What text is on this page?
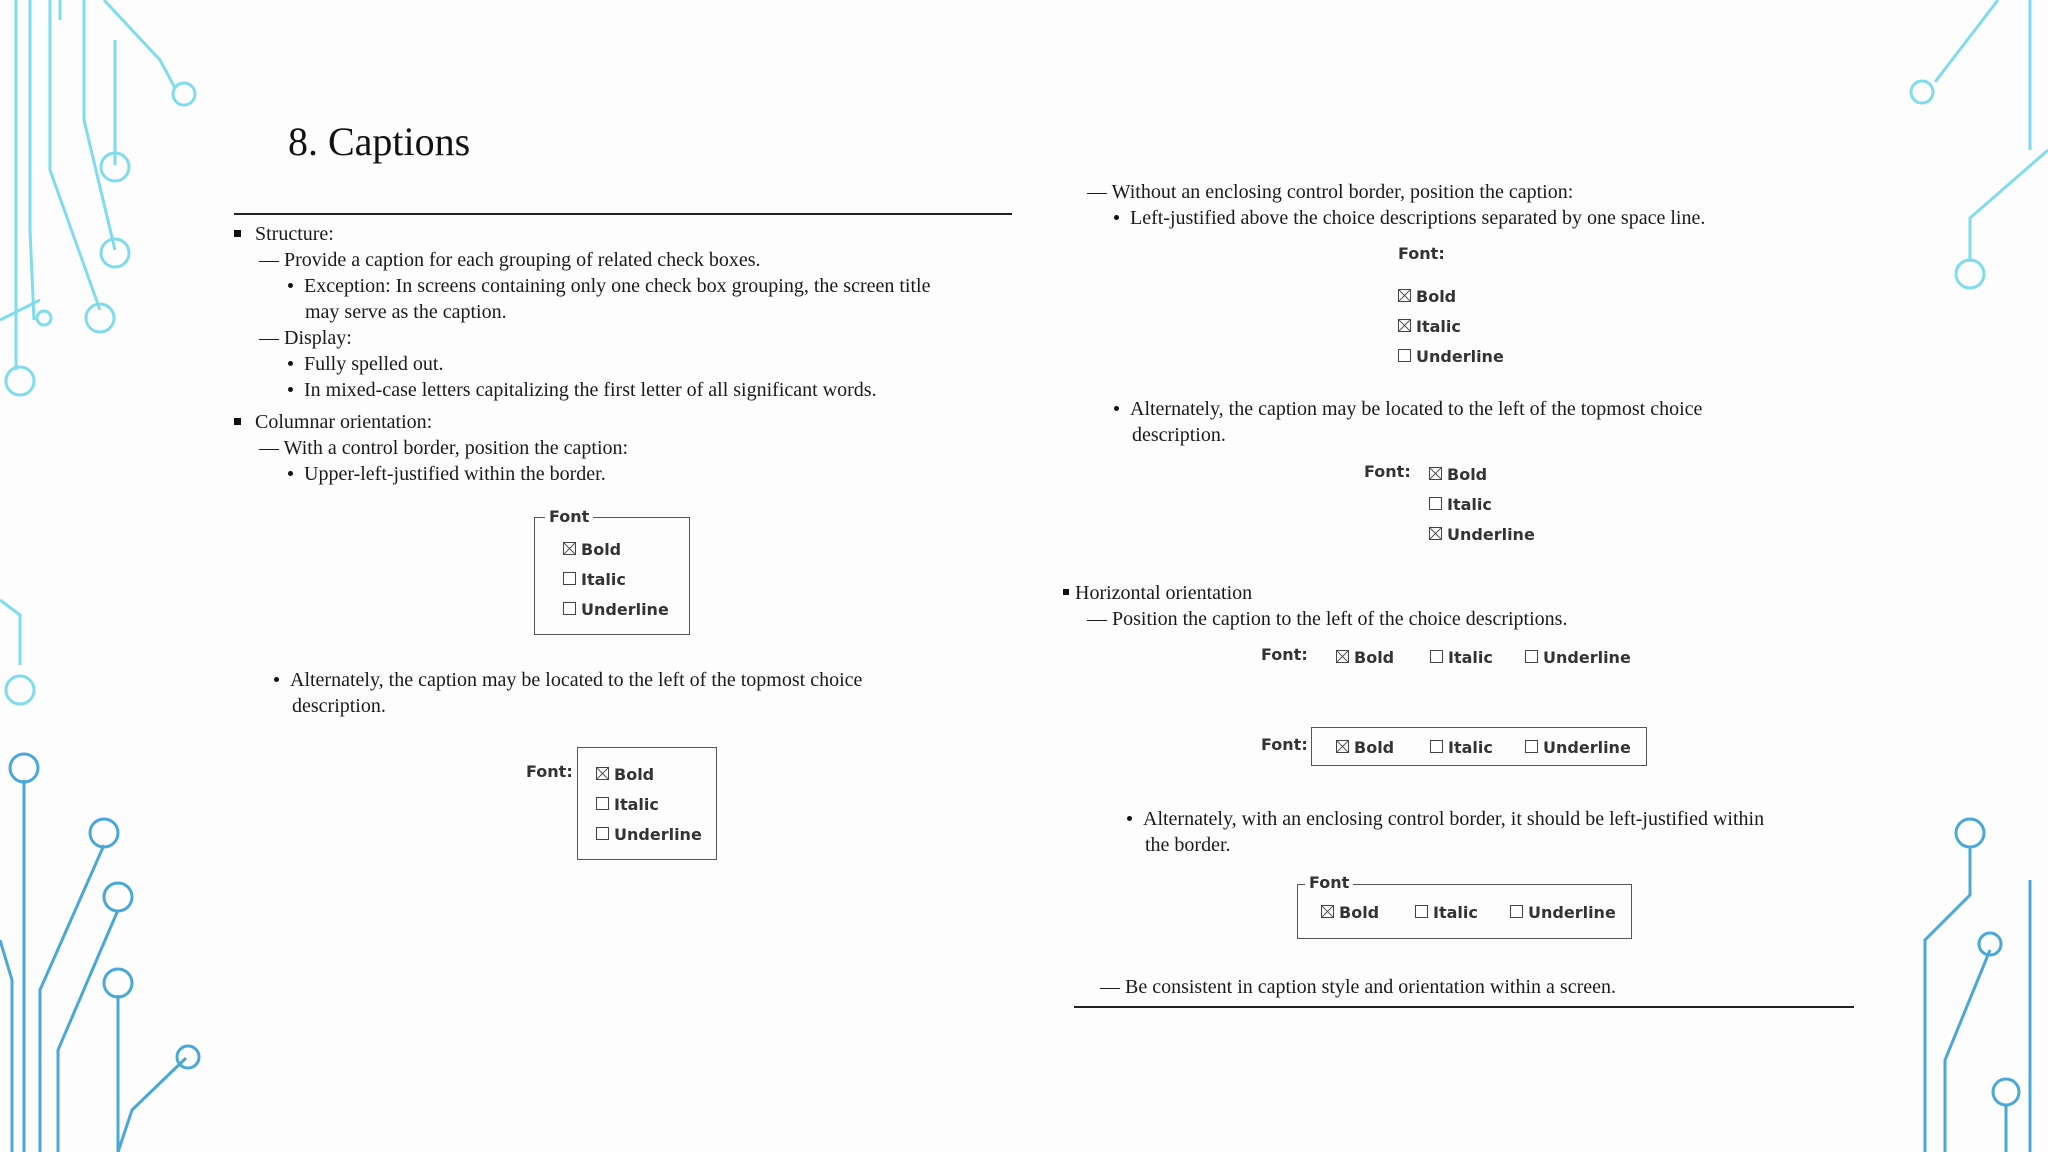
8. Captions
Structure:
— Provide a caption for each grouping of related check boxes.
Exception: In screens containing only one check box grouping, the screen title
may serve as the caption.
— Display:
Fully spelled out.
In mixed-case letters capitalizing the first letter of all significant words.
Columnar orientation:
— With a control border, position the caption:
Upper-left-justified within the border.
Font
Bold
Italic
Underline
Alternately, the caption may be located to the left of the topmost choice
description.
Font:	Bold
Italic
Underline
— Without an enclosing control border, position the caption:
Left-justified above the choice descriptions separated by one space line.
Font:
Bold
Italic
Underline
Alternately, the caption may be located to the left of the topmost choice
description.
Font:	Bold
Italic
Underline
Horizontal orientation
— Position the caption to the left of the choice descriptions.
Font:	Bold	Italic	Underline
Font:	Bold	Italic	Underline
Alternately, with an enclosing control border, it should be left-justified within
the border.
Font
Bold	Italic	Underline
— Be consistent in caption style and orientation within a screen.
